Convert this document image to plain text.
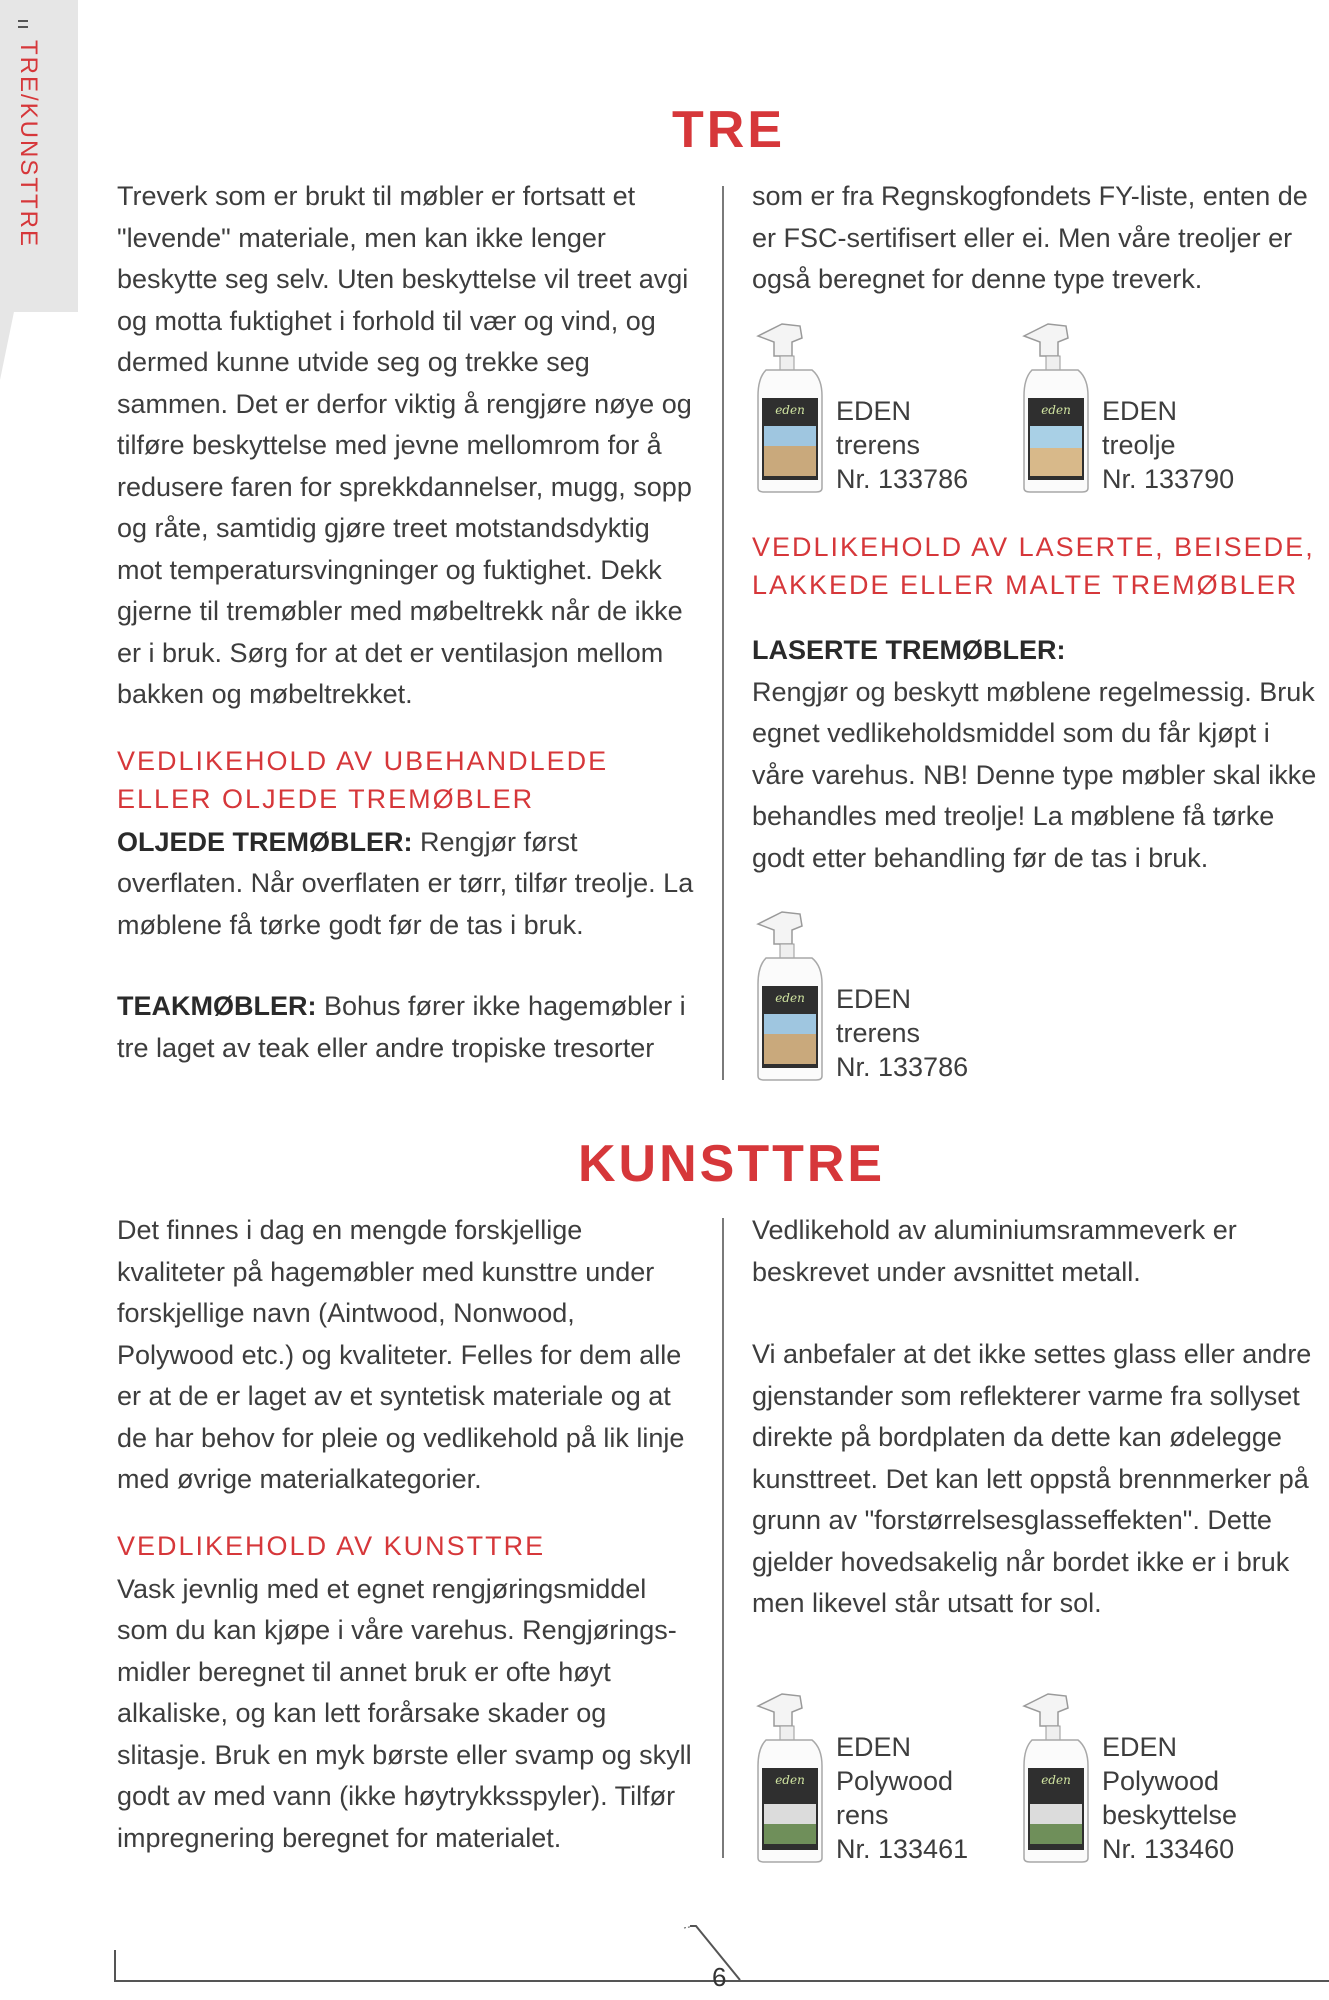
TRE/KUNSTTRE	TRE

Treverk som er brukt til møbler er fortsatt et "levende" materiale, men kan ikke lenger beskytte seg selv. Uten beskyttelse vil treet avgi og motta fuktighet i forhold til vær og vind, og dermed kunne utvide seg og trekke seg sammen. Det er derfor viktig å rengjøre nøye og tilføre beskyttelse med jevne mellomrom for å redusere faren for sprekkdannelser, mugg, sopp og råte, samtidig gjøre treet motstandsdyktig mot temperatursvingninger og fuktighet. Dekk gjerne til tremøbler med møbeltrekk når de ikke er i bruk. Sørg for at det er ventilasjon mellom bakken og møbeltrekket.

VEDLIKEHOLD AV UBEHANDLEDE ELLER OLJEDE TREMØBLER

OLJEDE TREMØBLER: Rengjør først overflaten. Når overflaten er tørr, tilfør treolje. La møblene få tørke godt før de tas i bruk.

TEAKMØBLER: Bohus fører ikke hagemøbler i tre laget av teak eller andre tropiske tresorter

som er fra Regnskogfondets FY-liste, enten de er FSC-sertifisert eller ei. Men våre treoljer er også beregnet for denne type treverk.

eden EDEN
trerens
Nr. 133786
eden EDEN
treolje
Nr. 133790

VEDLIKEHOLD AV LASERTE, BEISEDE, LAKKEDE ELLER MALTE TREMØBLER

LASERTE TREMØBLER:

Rengjør og beskytt møblene regelmessig. Bruk egnet vedlikeholdsmiddel som du får kjøpt i våre varehus. NB! Denne type møbler skal ikke behandles med treolje! La møblene få tørke godt etter behandling før de tas i bruk.

eden EDEN
trerens
Nr. 133786
KUNSTTRE

Det finnes i dag en mengde forskjellige kvaliteter på hagemøbler med kunsttre under forskjellige navn (Aintwood, Nonwood, Polywood etc.) og kvaliteter. Felles for dem alle er at de er laget av et syntetisk materiale og at de har behov for pleie og vedlikehold på lik linje med øvrige materialkategorier.

VEDLIKEHOLD AV KUNSTTRE

Vask jevnlig med et egnet rengjøringsmiddel som du kan kjøpe i våre varehus. Rengjørings-midler beregnet til annet bruk er ofte høyt alkaliske, og kan lett forårsake skader og slitasje. Bruk en myk børste eller svamp og skyll godt av med vann (ikke høytrykksspyler). Tilfør impregnering beregnet for materialet.

Vedlikehold av aluminiumsrammeverk er beskrevet under avsnittet metall.

Vi anbefaler at det ikke settes glass eller andre gjenstander som reflekterer varme fra sollyset direkte på bordplaten da dette kan ødelegge kunsttreet. Det kan lett oppstå brennmerker på grunn av "forstørrelsesglasseffekten". Dette gjelder hovedsakelig når bordet ikke er i bruk men likevel står utsatt for sol.

eden
EDEN
Polywood
rens
Nr. 133461
eden
EDEN
Polywood
beskyttelse
Nr. 133460
6
